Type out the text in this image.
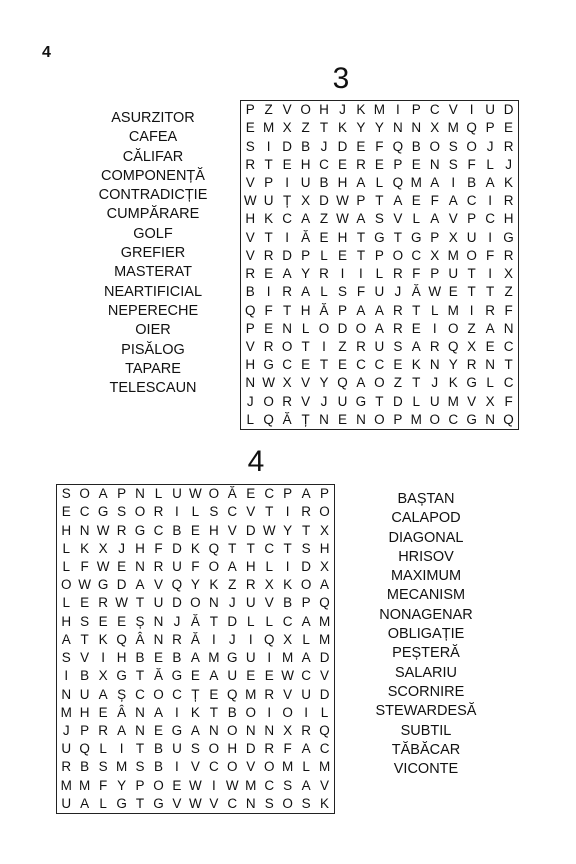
4
3
ASURZITOR
CAFEA
CĂLIFAR
COMPONENȚĂ
CONTRADICȚIE
CUMPĂRARE
GOLF
GREFIER
MASTERAT
NEARTIFICIAL
NEPERECHE
OIER
PISĂLOG
TAPARE
TELESCAUN
P Z V O H J K M I P C V I U D
E M X Z T K Y Y N N X M Q P E
S I D B J D E F Q B O S O J R
R T E H C E R E P E N S F L J
V P I U B H A L Q M A I B A K
W U Ț X D W P T A E F A C I R
H K C A Z W A S V L A V P C H
V T I Ă E H T G T G P X U I G
V R D P L E T P O C X M O F R
R E A Y R I	I L R F P U T I X
B I R A L S F U J Ă W E T T Z
Q F T H Ă P A A R T L M I R F
P E N L O D O A R E I O Z A N
V R O T I Z R U S A R Q X E C
H G C E T E C C E K N Y R N T
N W X V Y Q A O Z T J K G L C
J O R V J U G T D L U M V X F
L Q Ă Ț N E N O P M O C G N Q
4
S O A P N L U W O Ă E C P A P
E C G S O R I L S C V T I R O
H N W R G C B E H V D W Y T X
L K X J H F D K Q T T C T S H
L F W E N R U F O A H L I D X
O W G D A V Q Y K Z R X K O A
L E R W T U D O N J U V B P Q
H S E E Ș N J Ă T D L L C A M
A T K Q Â N R Ă I J I Q X L M
S V I H B E B A M G U I M A D
I B X G T Ă G E A U E E W C V
N U A Ș C O C Ț E Q M R V U D
M H E Â N A I K T B O I O I L
J P R A N E G A N O N N X R Q
U Q L I T B U S O H D R F A C
R B S M S B I V C O V O M L M
M M F Y P O E W I W M C S A V
U A L G T G V W V C N S O S K
BAȘTAN
CALAPOD
DIAGONAL
HRISOV
MAXIMUM
MECANISM
NONAGENAR
OBLIGAȚIE
PEȘTERĂ
SALARIU
SCORNIRE
STEWARDESĂ
SUBTIL
TĂBĂCAR
VICONTE
